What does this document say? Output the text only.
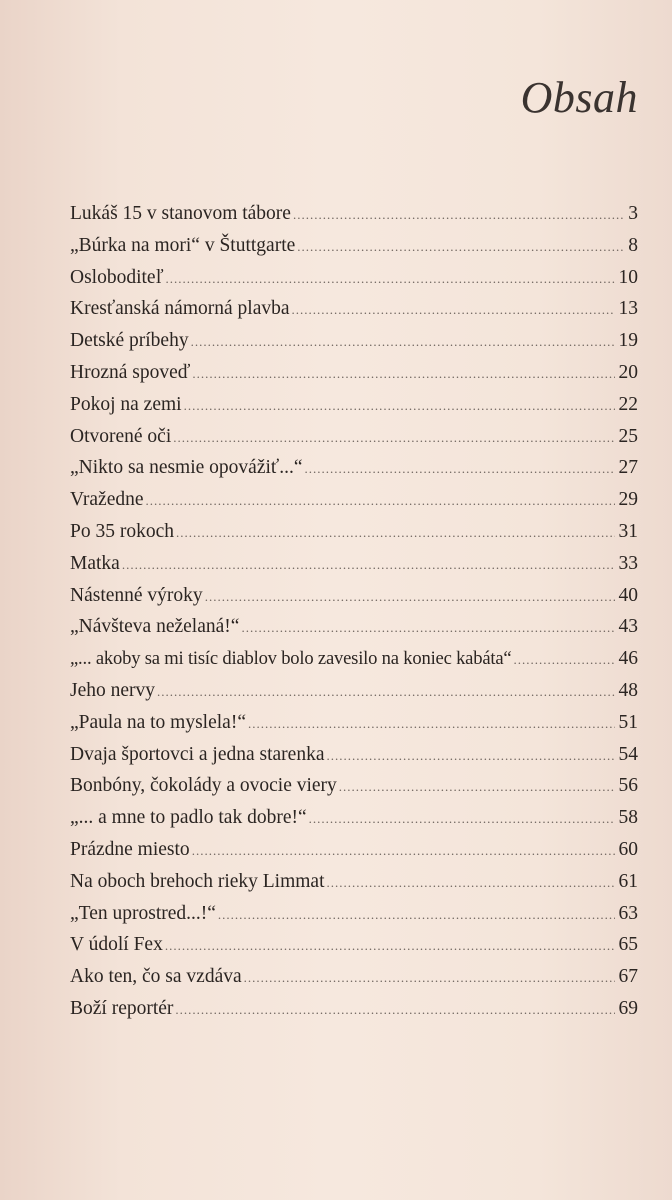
Obsah
Lukáš 15 v stanovom tábore .....	3
„Búrka na mori“ v Štuttgarte .....	8
Osloboditeľ .....	10
Kresťanská námorná plavba .....	13
Detské príbehy .....	19
Hrozná spoveď .....	20
Pokoj na zemi .....	22
Otvorené oči .....	25
„Nikto sa nesmie opovážiť...“ .....	27
Vražedne .....	29
Po 35 rokoch .....	31
Matka .....	33
Nástenné výroky .....	40
„Návšteva neželaná!“ .....	43
„... akoby sa mi tisíc diablov bolo zavesilo na koniec kabáta“ .....	46
Jeho nervy .....	48
„Paula na to myslela!“ .....	51
Dvaja športovci a jedna starenka .....	54
Bonbóny, čokolády a ovocie viery .....	56
„... a mne to padlo tak dobre!“ .....	58
Prázdne miesto .....	60
Na oboch brehoch rieky Limmat .....	61
„Ten uprostred...!“ .....	63
V údolí Fex .....	65
Ako ten, čo sa vzdáva .....	67
Boží reportér .....	69
